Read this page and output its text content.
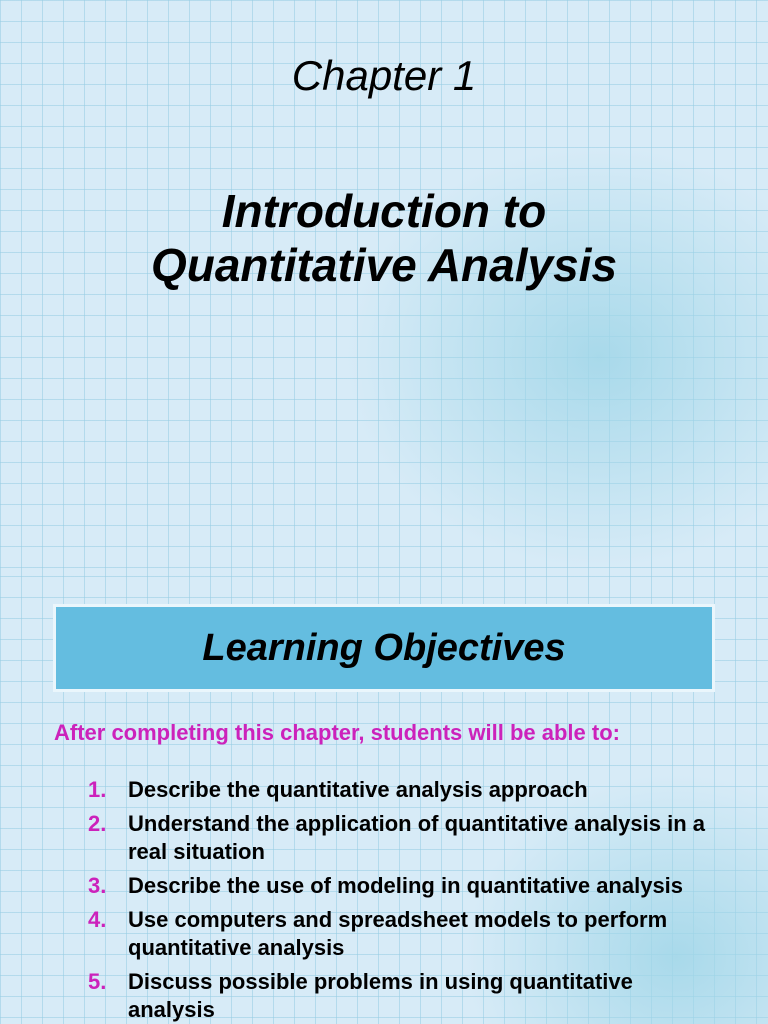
Chapter 1
Introduction to
Quantitative Analysis
Learning Objectives
After completing this chapter, students will be able to:
1. Describe the quantitative analysis approach
2. Understand the application of quantitative analysis in a real situation
3. Describe the use of modeling in quantitative analysis
4. Use computers and spreadsheet models to perform quantitative analysis
5. Discuss possible problems in using quantitative analysis
